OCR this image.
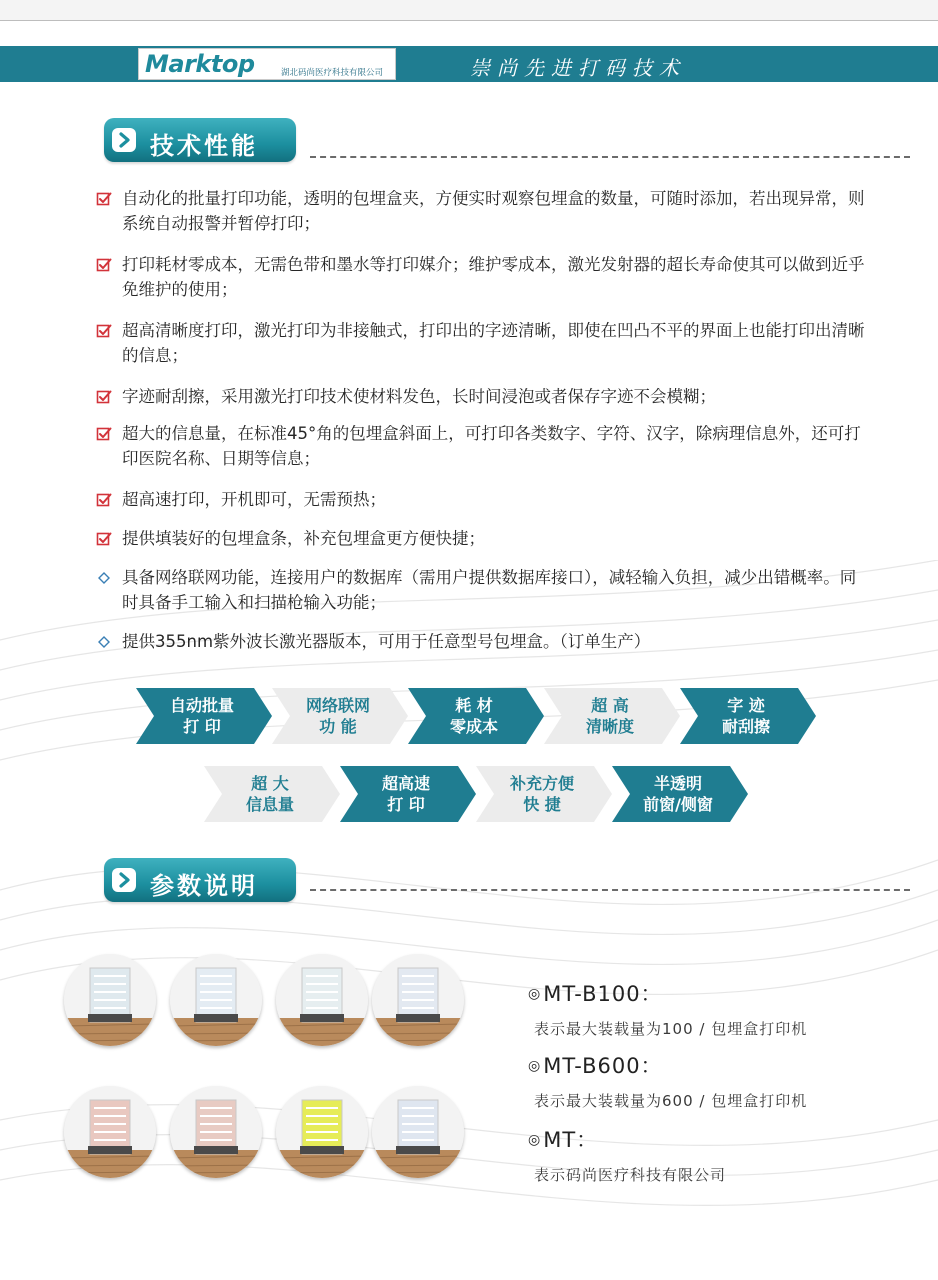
Marktop	湖北码尚医疗科技有限公司	崇尚先进打码技术
技术性能
自动化的批量打印功能，透明的包埋盒夹，方便实时观察包埋盒的数量，可随时添加，若出现异常，则系统自动报警并暂停打印；
打印耗材零成本，无需色带和墨水等打印媒介；维护零成本，激光发射器的超长寿命使其可以做到近乎免维护的使用；
超高清晰度打印，激光打印为非接触式，打印出的字迹清晰，即使在凹凸不平的界面上也能打印出清晰的信息；
字迹耐刮擦，采用激光打印技术使材料发色，长时间浸泡或者保存字迹不会模糊；
超大的信息量，在标准45°角的包埋盒斜面上，可打印各类数字、字符、汉字，除病理信息外，还可打印医院名称、日期等信息；
超高速打印，开机即可，无需预热；
提供填装好的包埋盒条，补充包埋盒更方便快捷；
具备网络联网功能，连接用户的数据库（需用户提供数据库接口），减轻输入负担，减少出错概率。同时具备手工输入和扫描枪输入功能；
提供355nm紫外波长激光器版本，可用于任意型号包埋盒。（订单生产）
自动批量
打 印
网络联网
功 能
耗 材
零成本
超 高
清晰度
字 迹
耐刮擦
超 大
信息量
超高速
打 印
补充方便
快 捷
半透明
前窗/侧窗
参数说明
◎MT-B100：
表示最大装载量为100 / 包埋盒打印机
◎MT-B600：
表示最大装载量为600 / 包埋盒打印机
◎MT：
表示码尚医疗科技有限公司
